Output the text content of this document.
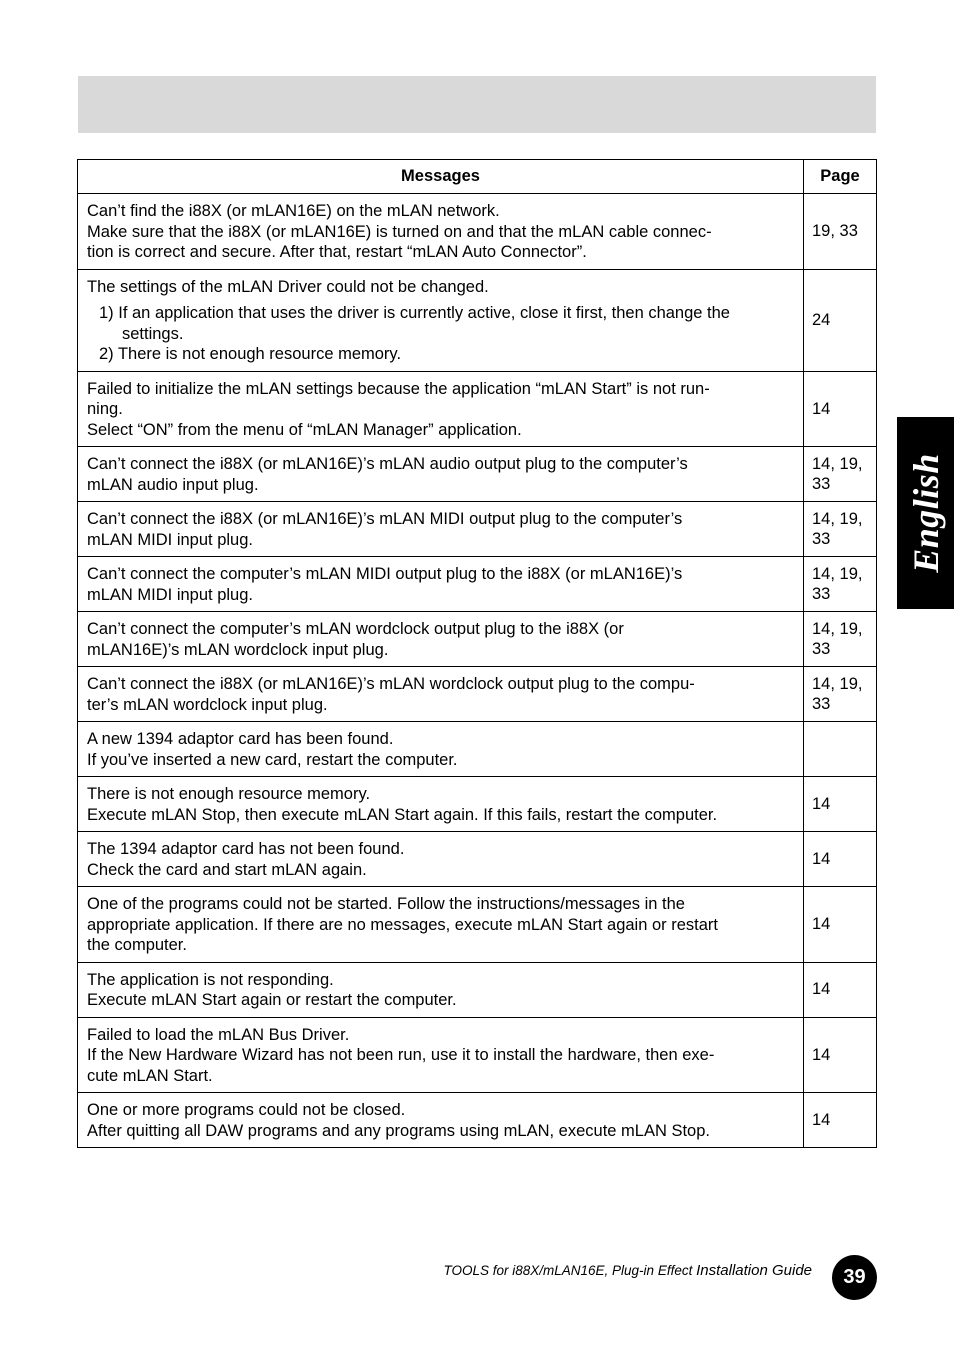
Messages	Page

Can’t find the i88X (or mLAN16E) on the mLAN network.
Make sure that the i88X (or mLAN16E) is turned on and that the mLAN cable connec-
tion is correct and secure. After that, restart “mLAN Auto Connector”.	19, 33

The settings of the mLAN Driver could not be changed.
1) If an application that uses the driver is currently active, close it first, then change the settings.
2) There is not enough resource memory.	24

Failed to initialize the mLAN settings because the application “mLAN Start” is not run-
ning.
Select “ON” from the menu of “mLAN Manager” application.	14

Can’t connect the i88X (or mLAN16E)’s mLAN audio output plug to the computer’s
mLAN audio input plug.	14, 19, 33

Can’t connect the i88X (or mLAN16E)’s mLAN MIDI output plug to the computer’s
mLAN MIDI input plug.	14, 19, 33

Can’t connect the computer’s mLAN MIDI output plug to the i88X (or mLAN16E)’s
mLAN MIDI input plug.	14, 19, 33

Can’t connect the computer’s mLAN wordclock output plug to the i88X (or
mLAN16E)’s mLAN wordclock input plug.	14, 19, 33

Can’t connect the i88X (or mLAN16E)’s mLAN wordclock output plug to the compu-
ter’s mLAN wordclock input plug.	14, 19, 33

A new 1394 adaptor card has been found.
If you’ve inserted a new card, restart the computer.	

There is not enough resource memory.
Execute mLAN Stop, then execute mLAN Start again. If this fails, restart the computer.	14

The 1394 adaptor card has not been found.
Check the card and start mLAN again.	14

One of the programs could not be started. Follow the instructions/messages in the
appropriate application. If there are no messages, execute mLAN Start again or restart
the computer.	14

The application is not responding.
Execute mLAN Start again or restart the computer.	14

Failed to load the mLAN Bus Driver.
If the New Hardware Wizard has not been run, use it to install the hardware, then exe-
cute mLAN Start.	14

One or more programs could not be closed.
After quitting all DAW programs and any programs using mLAN, execute mLAN Stop.	14
English
TOOLS for i88X/mLAN16E, Plug-in Effect Installation Guide 39
